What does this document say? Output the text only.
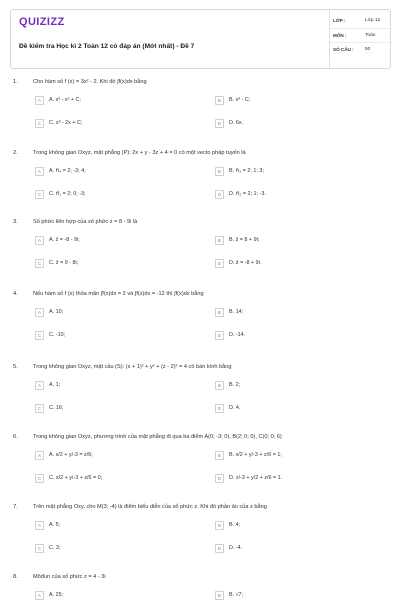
QUIZIZZ
Đề kiểm tra Học kì 2 Toán 12 có đáp án (Mới nhất) - Đề 7
LỚP :	Lớp 12
MÔN :	Toán
SỐ CÂU : 50
1.	Cho hàm số f (x) = 3x² - 2. Khi đó ∫f(x)dx bằng
A	A. x³ - x² + C;	B	B. x³ - C;
C	C. x³ - 2x + C;	D	D. 6x.
2.	Trong không gian Oxyz, mặt phẳng (P): 2x + y - 3z + 4 = 0 có một vecto pháp tuyến là
A	A. n⃗₄ = 2; -3; 4;	B	B. n⃗₃ = 2; 1; 3;
C	C. n⃗₁ = 2; 0; -3;	D	D. n⃗₂ = 2; 1; -3.
3.	Số phức liên hợp của số phức z = 8 - 9i là
A	A. z̄ = -8 - 9i;	B	B. z̄ = 8 + 9i;
C	C. z̄ = 9 - 8i;	D	D. z̄ = -8 + 9i.
4.	Nếu hàm số f (x) thỏa mãn ∫f(x)dx = 2 và ∫f(x)dx = -12 thì ∫f(x)dx bằng
A	A. 10;	B	B. 14;
C	C. -10;	D	D. -14.
5.	Trong không gian Oxyz, mặt cầu (S): (x + 1)² + y² + (z - 2)² = 4 có bán kính bằng
A	A. 1;	B	B. 2;
C	C. 16;	D	D. 4.
6.	Trong không gian Oxyz, phương trình của mặt phẳng đi qua ba điểm A(0; -3; 0), B(2; 0; 0), C(0; 0; 6)
A	A. x/2 + y/-3 = z/6;	B	B. x/2 + y/-3 + z/6 = 1;
C	C. x/2 + y/-3 + z/6 = 0;	D	D. x/-3 + y/2 + z/6 = 1.
7.	Trên mặt phẳng Oxy, cho M(3; -4) là điểm biểu diễn của số phức z. Khi đó phần ảo của z bằng
A	A. 5;	B	B. 4;
C	C. 3;	D	D. -4.
8.	Môđun của số phức z = 4 - 3i
A	A. 25;	B	B. √7;
